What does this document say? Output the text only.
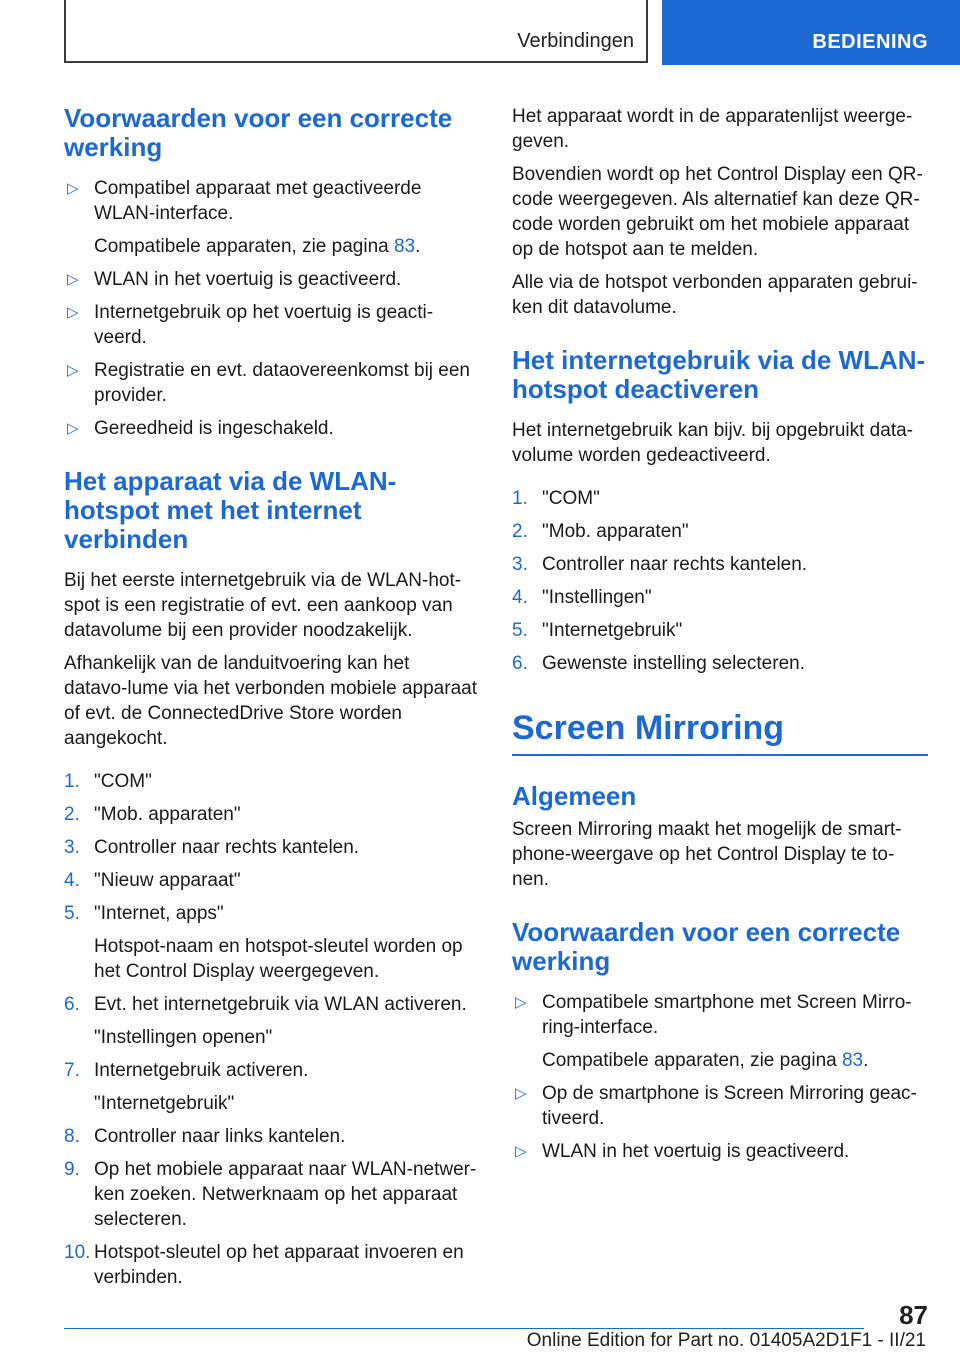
Verbindingen	BEDIENING
Voorwaarden voor een correcte werking
▷ Compatibel apparaat met geactiveerde WLAN-interface.
Compatibele apparaten, zie pagina 83.
▷ WLAN in het voertuig is geactiveerd.
▷ Internetgebruik op het voertuig is geacti‐veerd.
▷ Registratie en evt. dataovereenkomst bij een provider.
▷ Gereedheid is ingeschakeld.
Het apparaat via de WLAN-hotspot met het internet verbinden

Bij het eerste internetgebruik via de WLAN-hot‐spot is een registratie of evt. een aankoop van datavolume bij een provider noodzakelijk.

Afhankelijk van de landuitvoering kan het datavo‐lume via het verbonden mobiele apparaat of evt. de ConnectedDrive Store worden aangekocht.

1. "COM"
2. "Mob. apparaten"
3. Controller naar rechts kantelen.
4. "Nieuw apparaat"
5. "Internet, apps"
Hotspot-naam en hotspot-sleutel worden op het Control Display weergegeven.
6. Evt. het internetgebruik via WLAN activeren.
"Instellingen openen"
7. Internetgebruik activeren.
"Internetgebruik"
8. Controller naar links kantelen.
9. Op het mobiele apparaat naar WLAN-netwer‐ken zoeken. Netwerknaam op het apparaat selecteren.
10. Hotspot-sleutel op het apparaat invoeren en verbinden.

Het apparaat wordt in de apparatenlijst weerge‐geven.

Bovendien wordt op het Control Display een QR-code weergegeven. Als alternatief kan deze QR-code worden gebruikt om het mobiele apparaat op de hotspot aan te melden.

Alle via de hotspot verbonden apparaten gebrui‐ken dit datavolume.

Het internetgebruik via de WLAN-hotspot deactiveren

Het internetgebruik kan bijv. bij opgebruikt data‐volume worden gedeactiveerd.

1. "COM"
2. "Mob. apparaten"
3. Controller naar rechts kantelen.
4. "Instellingen"
5. "Internetgebruik"
6. Gewenste instelling selecteren.
Screen Mirroring
Algemeen

Screen Mirroring maakt het mogelijk de smart‐phone-weergave op het Control Display te to‐nen.

Voorwaarden voor een correcte werking
▷ Compatibele smartphone met Screen Mirro‐ring-interface.
Compatibele apparaten, zie pagina 83.
▷ Op de smartphone is Screen Mirroring geac‐tiveerd.
▷ WLAN in het voertuig is geactiveerd.
87
Online Edition for Part no. 01405A2D1F1 - II/21
